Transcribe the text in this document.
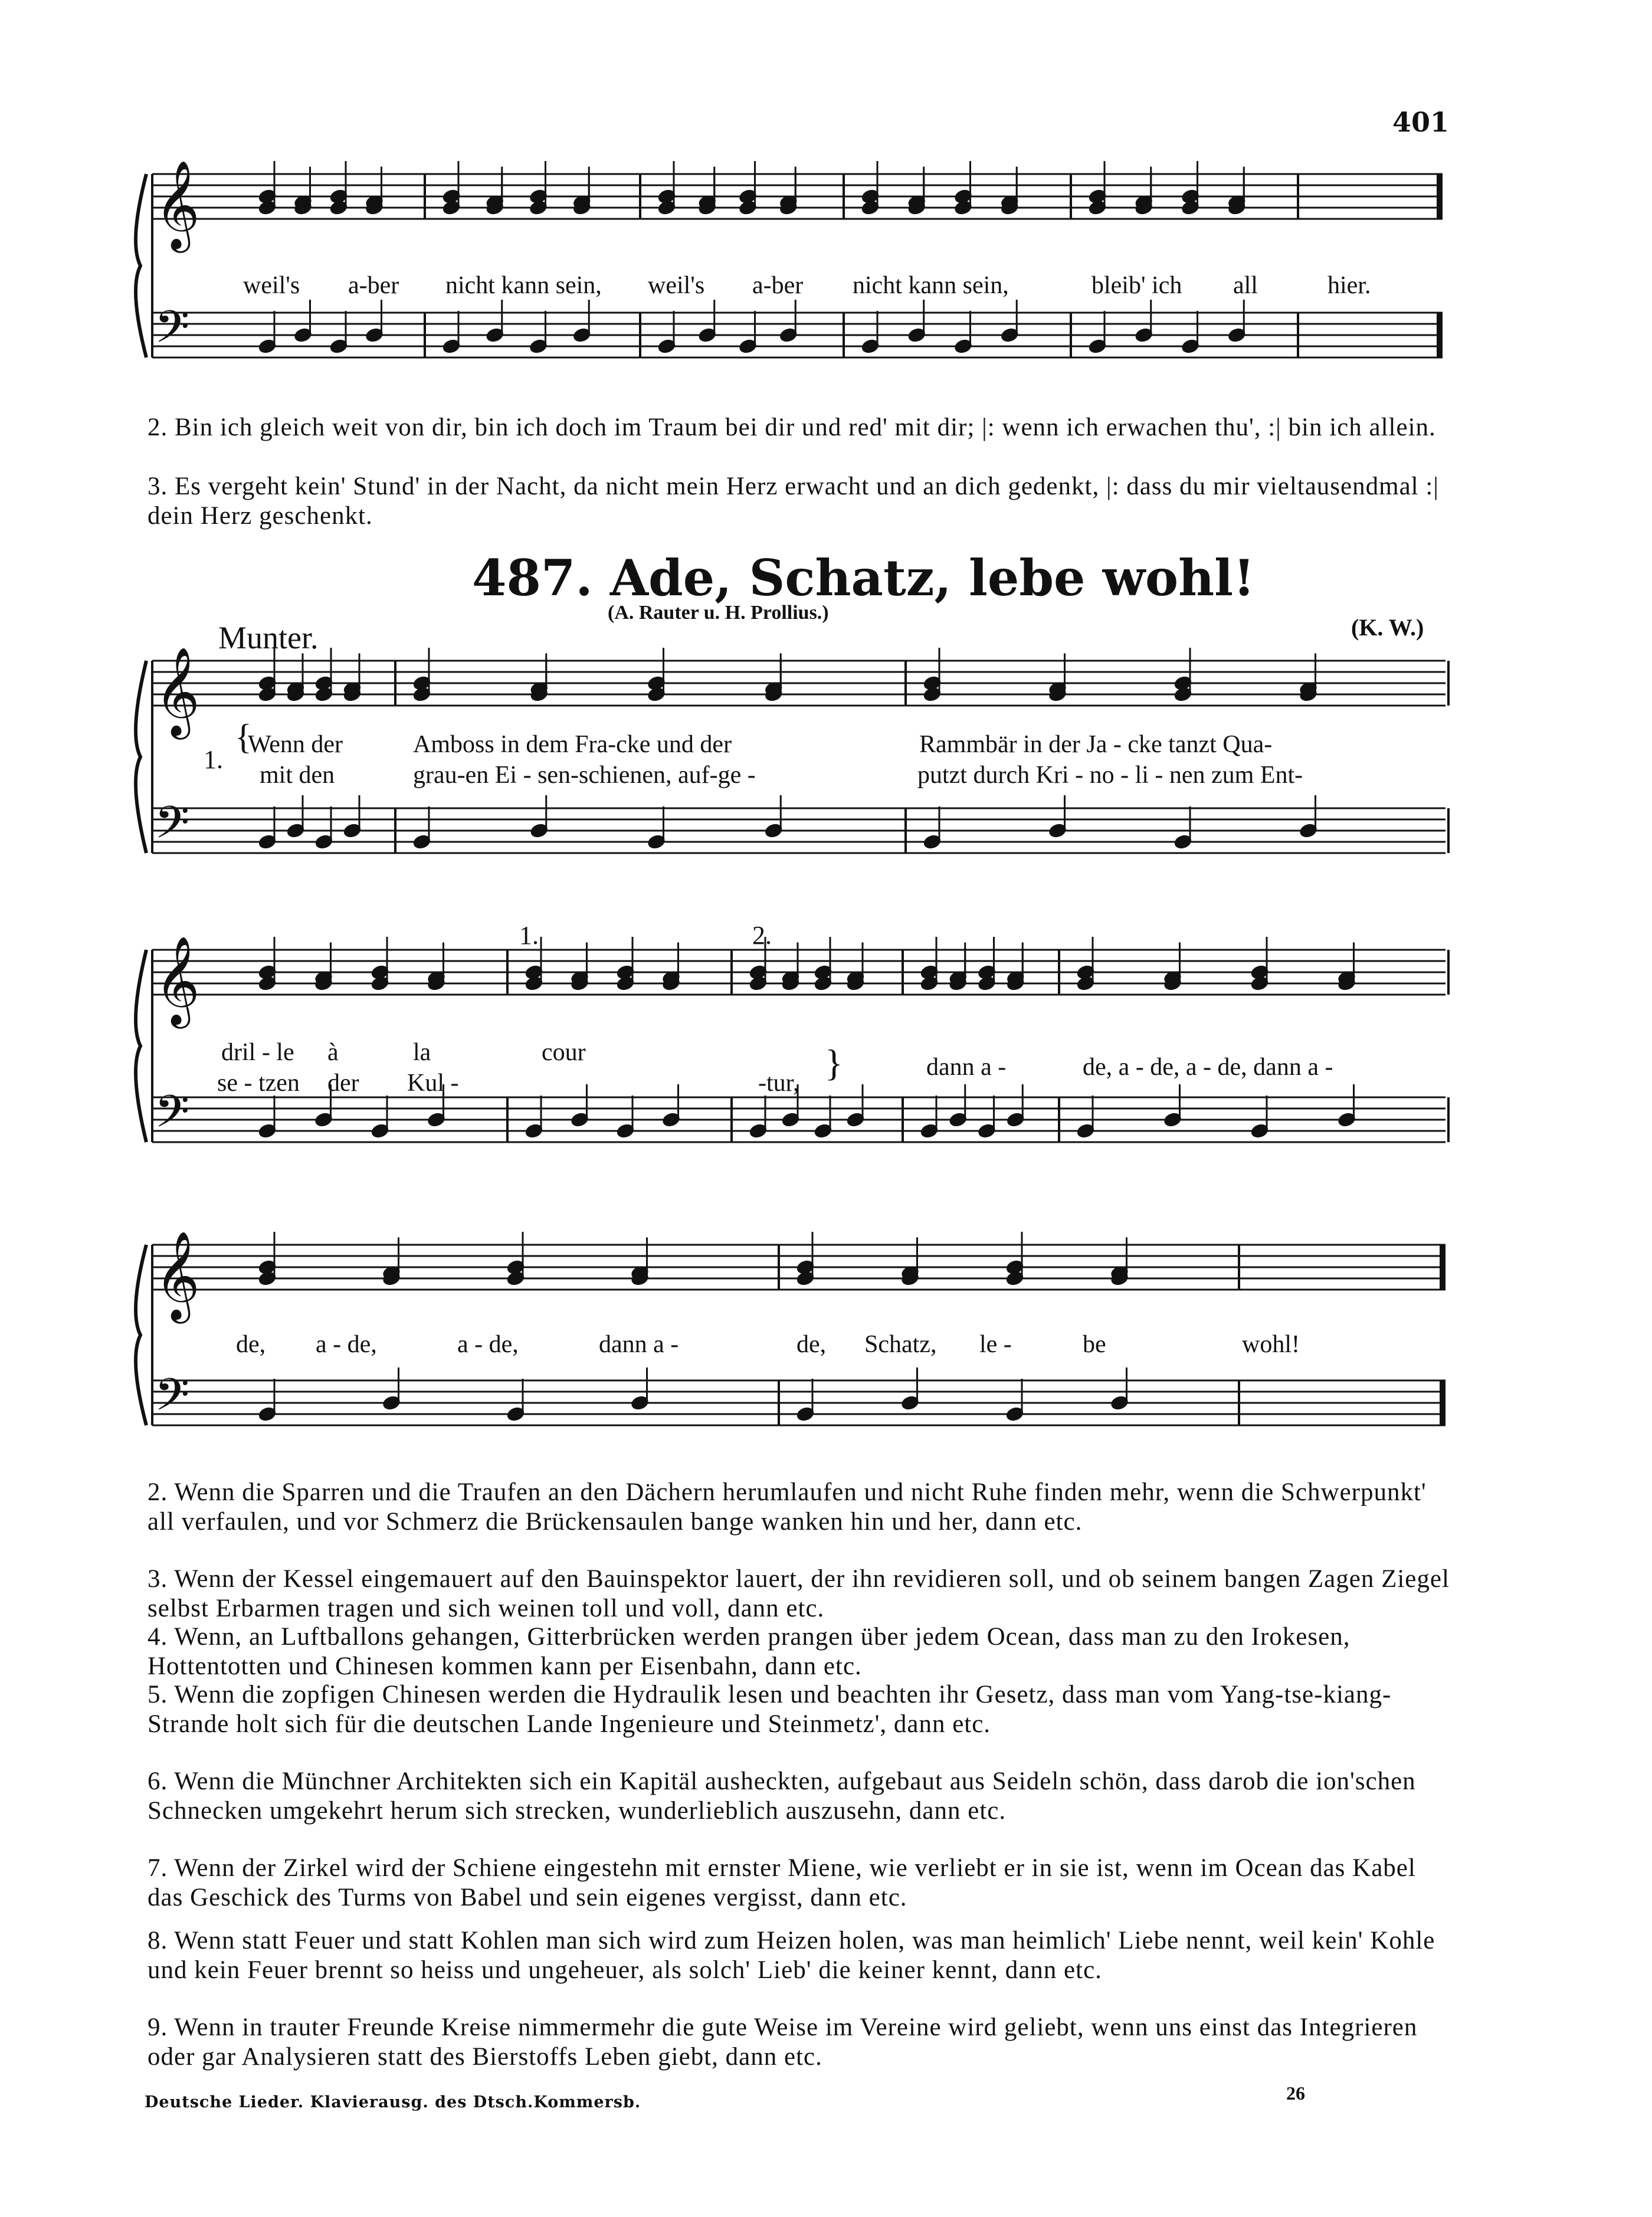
401
𝄞
𝄢
𝄞
𝄢
𝄞
𝄢
𝄞
𝄢
weil's a-ber nicht kann sein, weil's a-ber nicht kann sein,	bleib' ich all	hier.
2. Bin ich gleich weit von dir, bin ich doch im Traum bei dir und red' mit dir; |: wenn ich erwachen thu', :| bin ich allein.
3. Es vergeht kein' Stund' in der Nacht, da nicht mein Herz erwacht und an dich gedenkt, |: dass du mir vieltausendmal :| dein Herz geschenkt.
487. Ade, Schatz, lebe wohl!
(A. Rauter u. H. Prollius.)
(K. W.)
Munter.
1.
{
Wenn der
mit den
Amboss in dem Fra-cke und der
grau-en Ei - sen-schienen, auf-ge -
Rammbär in der Ja - cke tanzt Qua-
putzt durch Kri - no - li - nen zum Ent-
1.	2.
dril - le à	la	cour
dann a -	de, a - de, a - de, dann a -
se - tzen der Kul -	-tur, }
de, a - de,	a - de,	dann a -	de, Schatz, le -	be	wohl!
2. Wenn die Sparren und die Traufen an den Dächern herumlaufen und nicht Ruhe finden mehr, wenn die Schwerpunkt' all verfaulen, und vor Schmerz die Brückensaulen bange wanken hin und her, dann etc.
3. Wenn der Kessel eingemauert auf den Bauinspektor lauert, der ihn revidieren soll, und ob seinem bangen Zagen Ziegel selbst Erbarmen tragen und sich weinen toll und voll, dann etc.
4. Wenn, an Luftballons gehangen, Gitterbrücken werden prangen über jedem Ocean, dass man zu den Irokesen, Hottentotten und Chinesen kommen kann per Eisenbahn, dann etc.
5. Wenn die zopfigen Chinesen werden die Hydraulik lesen und beachten ihr Gesetz, dass man vom Yang-tse-kiang-Strande holt sich für die deutschen Lande Ingenieure und Steinmetz', dann etc.
6. Wenn die Münchner Architekten sich ein Kapitäl ausheckten, aufgebaut aus Seideln schön, dass darob die ion'schen Schnecken umgekehrt herum sich strecken, wunderlieblich auszusehn, dann etc.
7. Wenn der Zirkel wird der Schiene eingestehn mit ernster Miene, wie verliebt er in sie ist, wenn im Ocean das Kabel das Geschick des Turms von Babel und sein eigenes vergisst, dann etc.
8. Wenn statt Feuer und statt Kohlen man sich wird zum Heizen holen, was man heimlich' Liebe nennt, weil kein' Kohle und kein Feuer brennt so heiss und ungeheuer, als solch' Lieb' die keiner kennt, dann etc.
9. Wenn in trauter Freunde Kreise nimmermehr die gute Weise im Vereine wird geliebt, wenn uns einst das Integrieren oder gar Analysieren statt des Bierstoffs Leben giebt, dann etc.
Deutsche Lieder. Klavierausg. des Dtsch.Kommersb.	26
